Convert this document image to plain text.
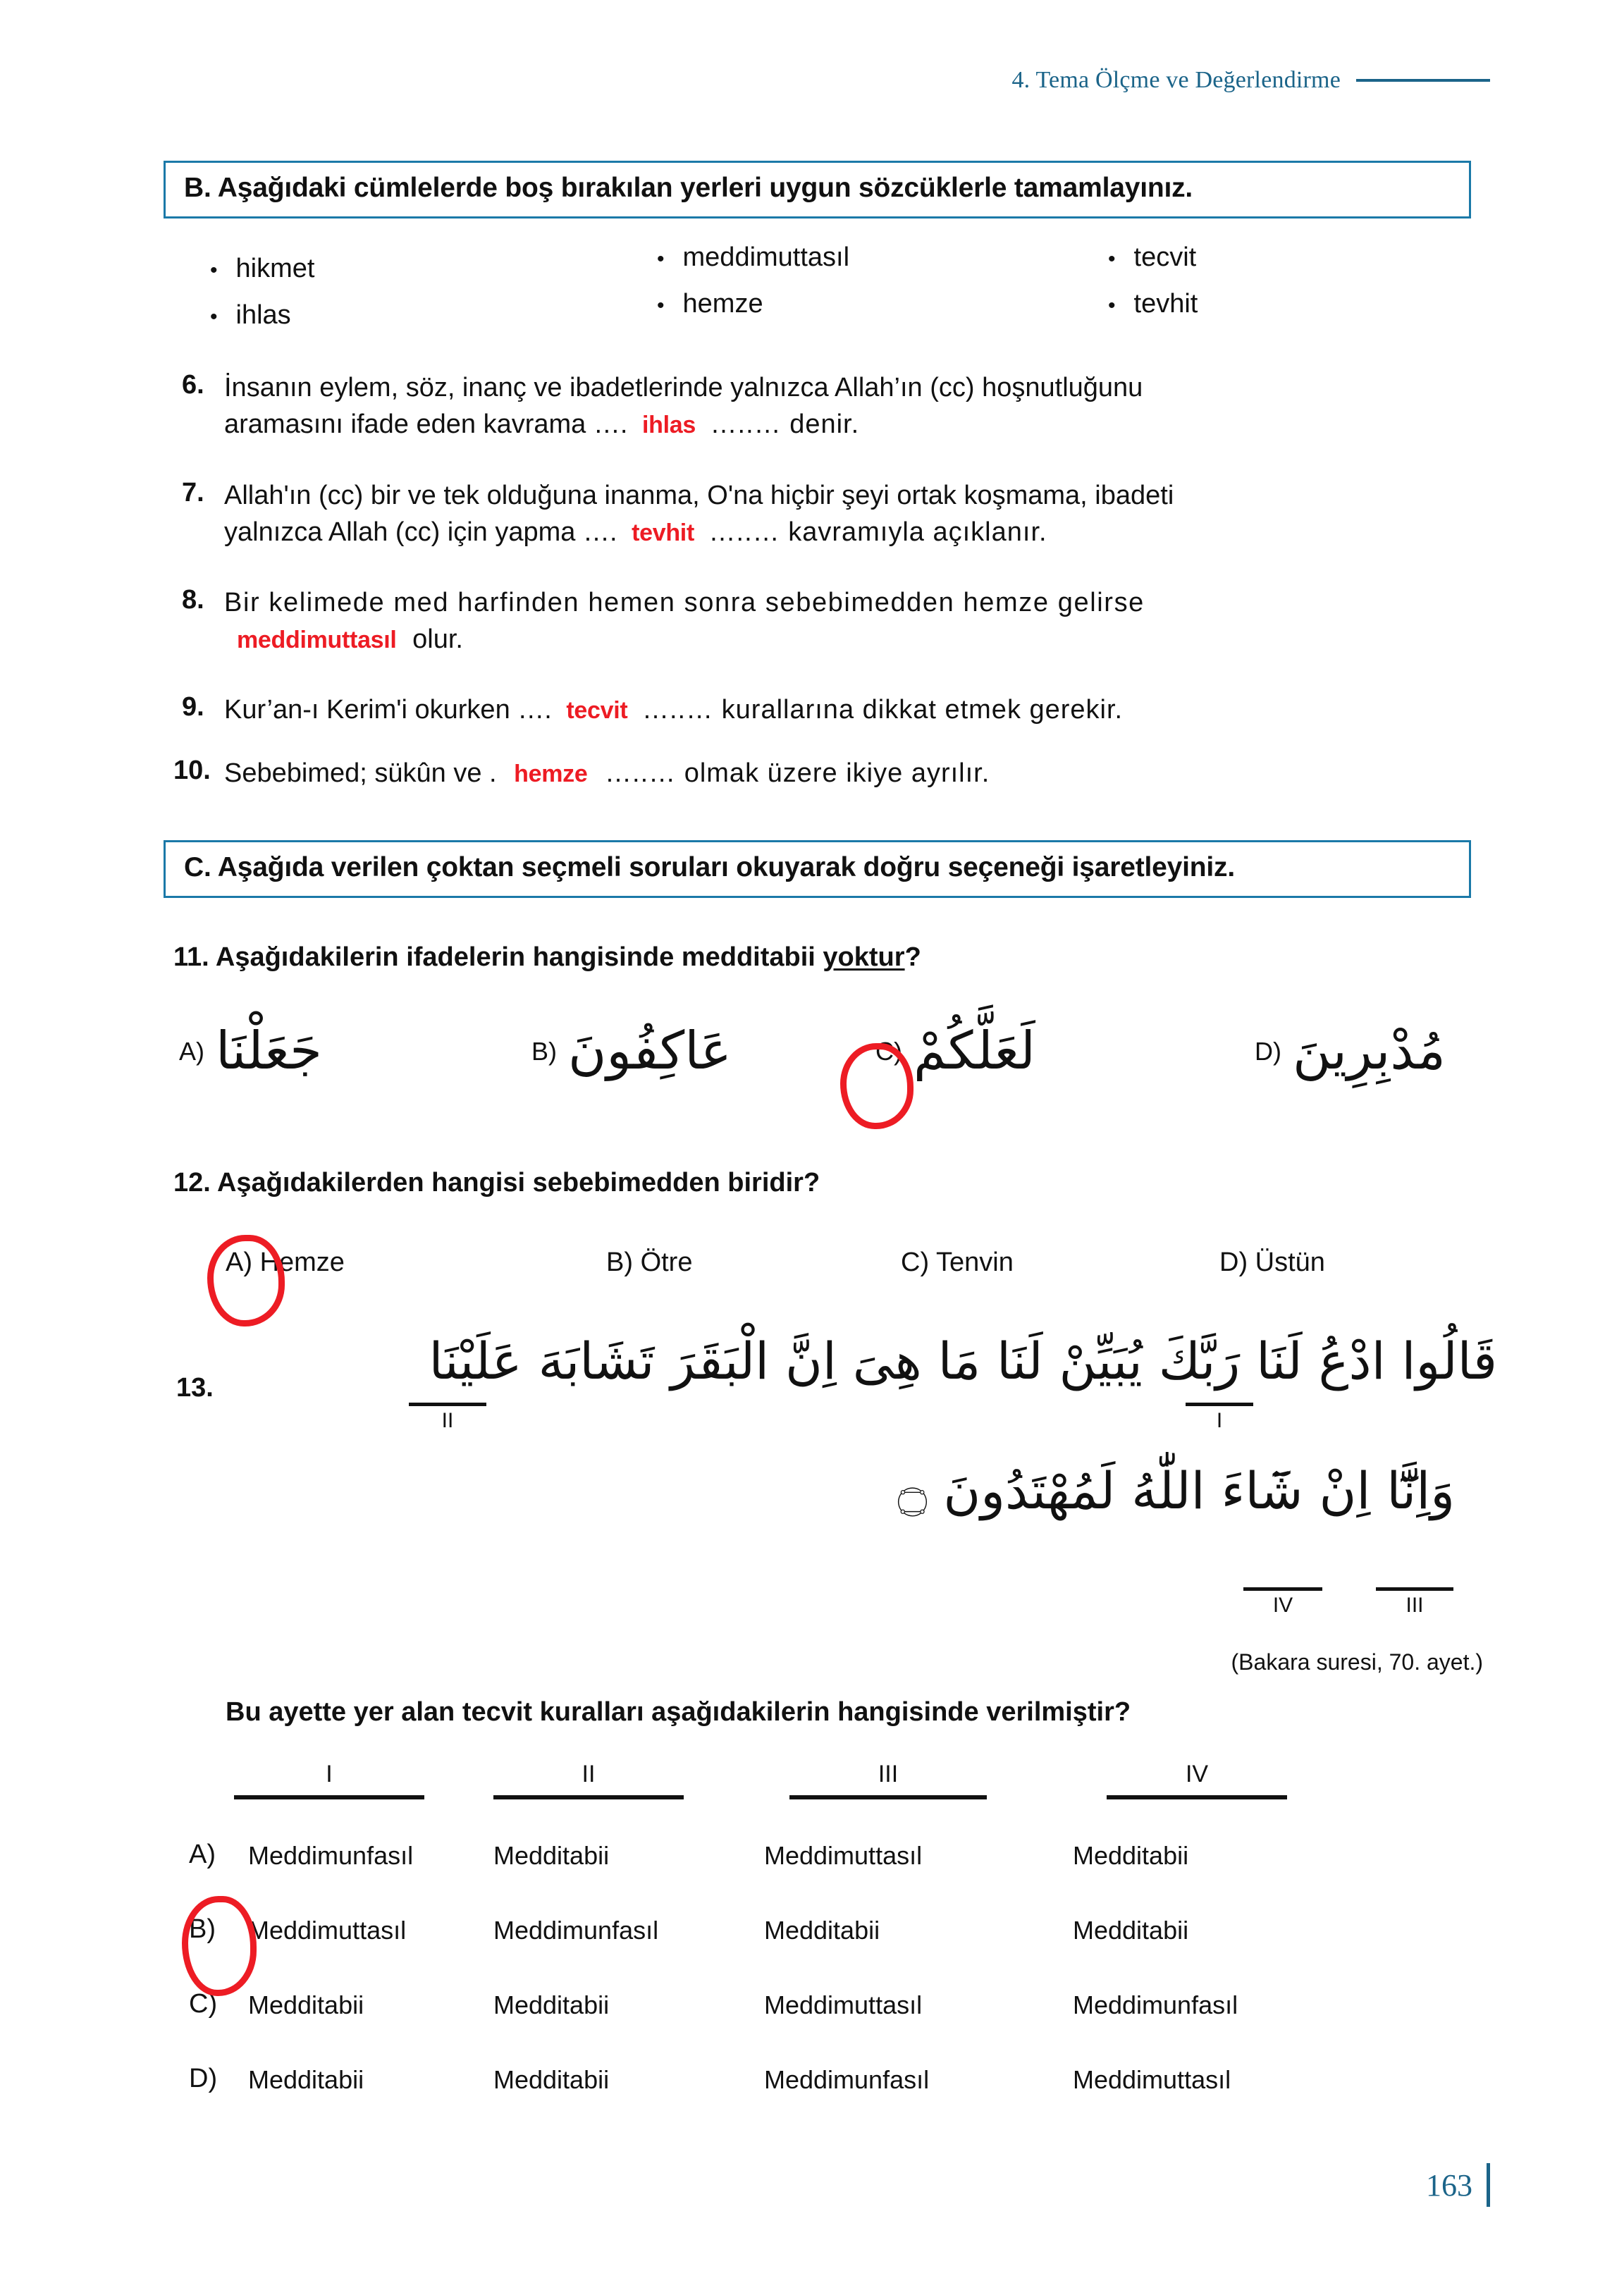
4. Tema Ölçme ve Değerlendirme
B. Aşağıdaki cümlelerde boş bırakılan yerleri uygun sözcüklerle tamamlayınız.
• hikmet
• ihlas
• meddimuttasıl
• hemze
• tecvit
• tevhit
6. İnsanın eylem, söz, inanç ve ibadetlerinde yalnızca Allah’ın (cc) hoşnutluğunu
aramasını ifade eden kavrama …. ihlas …..… denir.
7. Allah'ın (cc) bir ve tek olduğuna inanma, O'na hiçbir şeyi ortak koşmama, ibadeti
yalnızca Allah (cc) için yapma …. tevhit …..… kavramıyla açıklanır.
8. Bir kelimede med harfinden hemen sonra sebebimedden hemze gelirse
meddimuttasıl olur.
9. Kur’an-ı Kerim'i okurken …. tecvit …..… kurallarına dikkat etmek gerekir.
10. Sebebimed; sükûn ve . hemze …..… olmak üzere ikiye ayrılır.
C. Aşağıda verilen çoktan seçmeli soruları okuyarak doğru seçeneği işaretleyiniz.
11. Aşağıdakilerin ifadelerin hangisinde medditabii yoktur?
مُدْبِرِينَ
D)
لَعَلَّكُمْ
C)
عَاكِفُونَ
B)
جَعَلْنَا
A)
12. Aşağıdakilerden hangisi sebebimedden biridir?
A) Hemze	B) Ötre	C) Tenvin	D) Üstün
13.	قَالُوا ادْعُ لَنَا رَبَّكَ يُبَيِّنْ لَنَا مَا هِىَ اِنَّ الْبَقَرَ تَشَابَهَ عَلَيْنَا
وَاِنَّٓا اِنْ شَٓاءَ اللّٰهُ لَمُهْتَدُونَ ۝
I
II
III
IV
(Bakara suresi, 70. ayet.)
Bu ayette yer alan tecvit kuralları aşağıdakilerin hangisinde verilmiştir?
I	II	III	IV
A) Meddimunfasıl	Medditabii	Meddimuttasıl	Medditabii
B) Meddimuttasıl	Meddimunfasıl	Medditabii	Medditabii
C) Medditabii	Medditabii	Meddimuttasıl	Meddimunfasıl
D) Medditabii	Medditabii	Meddimunfasıl	Meddimuttasıl
163
